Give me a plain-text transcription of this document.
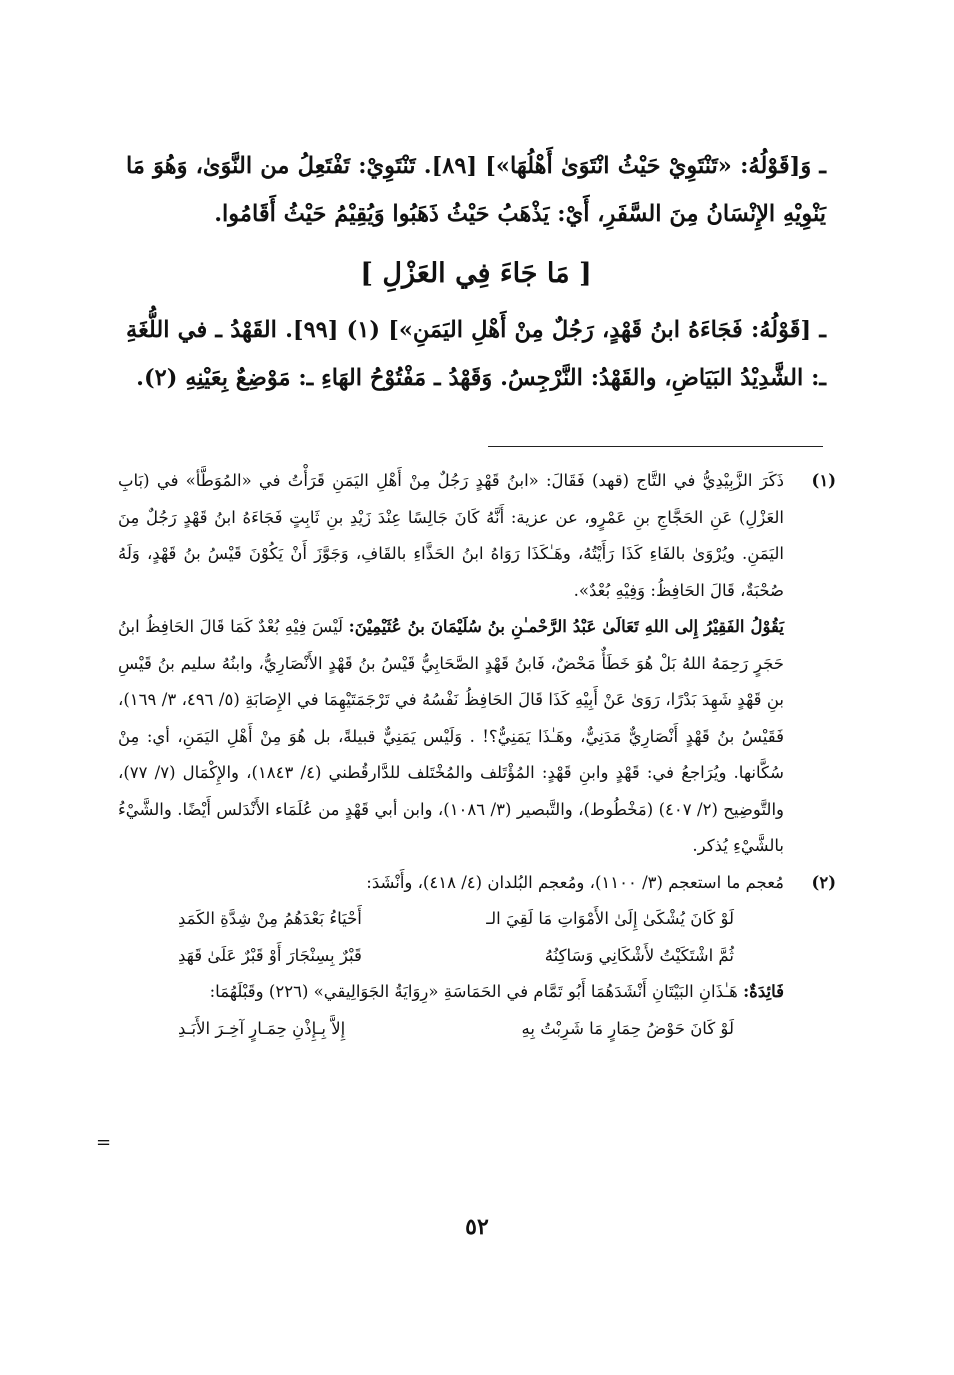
ـ وَ[قَوْلُهُ: «تَنْتَوِيْ حَيْثُ انْتَوَىٰ أَهْلُهَا»] [٨٩]. تَنْتَوِيْ: تَفْتَعِلُ من النَّوَىٰ، وَهُوَ مَا يَنْوِيْهِ الإِنْسَانُ مِنَ السَّفَرِ، أَيْ: يَذْهَبُ حَيْثُ ذَهَبُوا وَيُقِيْمُ حَيْثُ أَقَامُوا.

[ مَا جَاءَ فِي العَزْلِ ]

ـ [قَوْلُهُ: فَجَاءَهُ ابنُ قَهْدٍ، رَجُلٌ مِنْ أَهْلِ اليَمَنِ»] (١) [٩٩]. القَهْدُ ـ في اللُّغَةِ ـ: الشَّدِيْدُ البَيَاضِ، والقَهْدُ: النَّرْجِسُ. وَقَهْدُ ـ مَفْتُوْحُ الهَاءِ ـ: مَوْضِعٌ بِعَيْنِهِ (٢).

(١)

ذَكَرَ الزَّبِيْدِيُّ في التَّاج (قهد) فَقَالَ: «ابنُ قَهْدٍ رَجُلٌ مِنْ أَهْلِ اليَمَنِ قَرَأْتُ في «المُوَطَّأ» في (بَابِ العَزْلِ) عَنِ الحَجَّاجِ بنِ عَمْرٍو، عن عزية: أَنَّهُ كَانَ جَالِسًا عِنْدَ زَيْدِ بنِ ثَابِتٍ فَجَاءَهُ ابنُ قَهْدٍ رَجُلٌ مِنَ اليَمَنِ. ويُرْوَىٰ بالفَاءِ كَذَا رَأَيْتُهُ، وهَـٰكَذَا رَوَاهُ ابنُ الحَذَّاءِ بالقَافِ، وَجَوَّزَ أَنْ يَكُوْنَ قَيْسُ بنُ قَهْدٍ، وَلَهُ صُحْبَةٌ، قَالَ الحَافِظُ: وَفِيْهِ بُعْدٌ».

يَقُوْلُ الفَقِيْرُ إِلى اللهِ تَعَالَىٰ عَبْدُ الرَّحْمـٰنِ بنُ سُلَيْمَانَ بنُ عُثَيْمِيْنَ: لَيْسَ فِيْهِ بُعْدٌ كَمَا قَالَ الحَافِظُ ابنُ حَجَرٍ رَحِمَهُ اللهُ بَلْ هُوَ خَطَأٌ مَحْضٌ، فَابنُ قَهْدٍ الصَّحَابِيُّ قَيْسُ بنُ قَهْدٍ الأَنْصَارِيُّ، وابنُهُ سليم بنُ قَيْسِ بنِ قَهْدٍ شَهِدَ بَدْرًا، رَوَىٰ عَنْ أَبِيْهِ كَذَا قَالَ الحَافِظُ نَفْسُهُ في تَرْجَمَتَيْهِمَا في الإِصَابَةِ (٥/ ٤٩٦، ٣/ ١٦٩)، فَقَيْسُ بنُ قَهْدٍ أَنْصَارِيٌّ مَدَنِيٌّ، وهَـٰذَا يَمَنِيٌّ؟! . وَلَيْس يَمَنِيٌّ قبيلةً، بل هُوَ مِنْ أَهْلِ اليَمَنِ، أي: مِنْ سُكَّانها. ويُرَاجعُ في: قَهْدٍ وابنِ قَهْدٍ: المُؤْتَلف والمُخْتَلف للدَّارقُطني (٤/ ١٨٤٣)، والإِكْمَال (٧/ ٧٧)، والتَّوضِيح (٢/ ٤٠٧) (مَخْطُوط)، والتَّبصير (٣/ ١٠٨٦)، وابن أبي قَهْدٍ من عُلَمَاء الأَنْدَلس أَيْضًا. والشَّيْءُ بالشَّيْءِ يُذكر.

(٢)

مُعجم ما استعجم (٣/ ١١٠٠)، ومُعجم البُلدان (٤/ ٤١٨)، وأَنْشَدَ:

لَوْ كَانَ يُشْكَىٰ إِلَىٰ الأَمْوَاتِ مَا لَقِيَ الـ
أَحْيَاءُ بَعْدَهُمُ مِنْ شِدَّةِ الكَمَدِ
ثُمَّ اشْتَكَيْتُ لأَشْكَانِي وَسَاكِنُهُ
قَبْرٌ بِسِنْجَارَ أَوْ قَبْرٌ عَلَىٰ قَهَدِ

فَائِدَةٌ: هَـٰذَانِ البَيْتَانِ أَنْشَدَهُمَا أَبُو تَمَّام في الحَمَاسَةِ «رِوَايَةُ الجَوَالِيقي» (٢٢٦) وقَبْلَهُمَا:

لَوْ كَانَ حَوْضُ حِمَارٍ مَا شَرِبْتُ بِهِ
إِلاَّ بِـإِذْنِ حِمَـارٍ آخِـرَ الأَبَـدِ
=
٥٢
